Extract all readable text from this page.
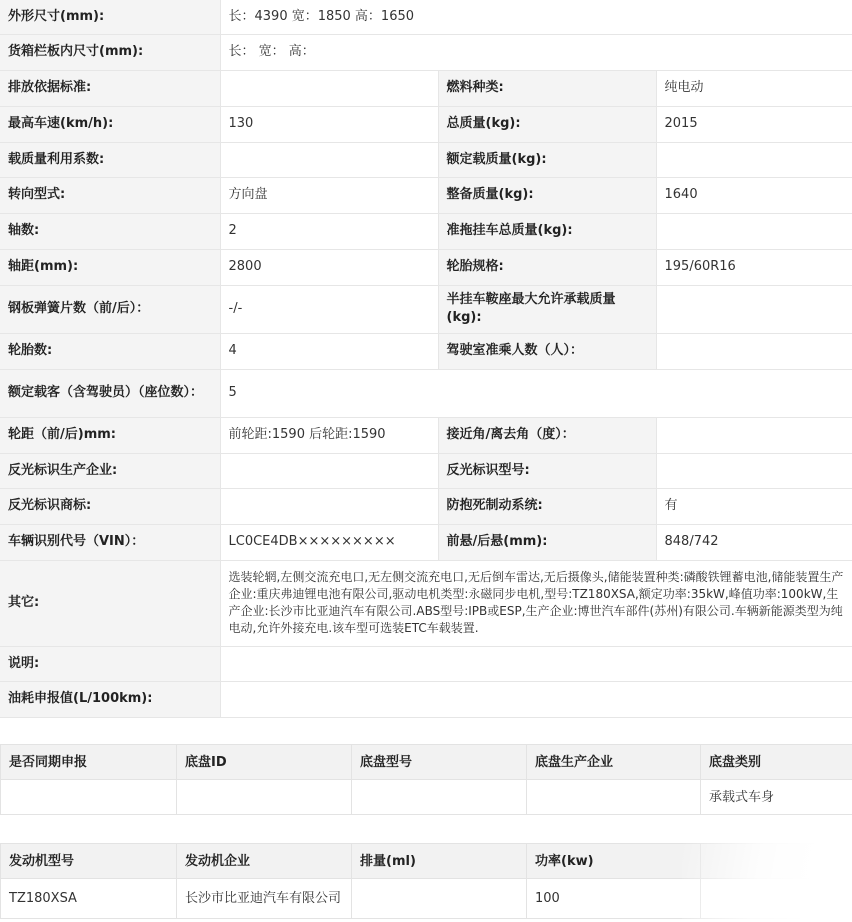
外形尺寸(mm):	长：4390 宽：1850 高：1650		
货箱栏板内尺寸(mm):	长： 宽： 高：		
排放依据标准:		燃料种类:	纯电动
最高车速(km/h):	130	总质量(kg):	2015
载质量利用系数:		额定载质量(kg):	
转向型式:	方向盘	整备质量(kg):	1640
轴数:	2	准拖挂车总质量(kg):	
轴距(mm):	2800	轮胎规格:	195/60R16
钢板弹簧片数（前/后）：	-/-	半挂车鞍座最大允许承载质量(kg):	
轮胎数:	4	驾驶室准乘人数（人）：	
额定载客（含驾驶员）（座位数）：	5		
轮距（前/后)mm:	前轮距:1590 后轮距:1590	接近角/离去角（度）：	
反光标识生产企业:		反光标识型号:	
反光标识商标:		防抱死制动系统:	有
车辆识别代号（VIN）：	LC0CE4DB×××××××××	前悬/后悬(mm):	848/742
其它:	选装轮辋,左侧交流充电口,无左侧交流充电口,无后倒车雷达,无后摄像头,储能装置种类:磷酸铁锂蓄电池,储能装置生产企业:重庆弗迪锂电池有限公司,驱动电机类型:永磁同步电机,型号:TZ180XSA,额定功率:35kW,峰值功率:100kW,生产企业:长沙市比亚迪汽车有限公司.ABS型号:IPB或ESP,生产企业:博世汽车部件(苏州)有限公司.车辆新能源类型为纯电动,允许外接充电.该车型可选装ETC车载装置.		
说明:			
油耗申报值(L/100km):			
是否同期申报	底盘ID	底盘型号	底盘生产企业	底盘类别
				承载式车身
发动机型号	发动机企业	排量(ml)	功率(kw)	
TZ180XSA	长沙市比亚迪汽车有限公司		100	
